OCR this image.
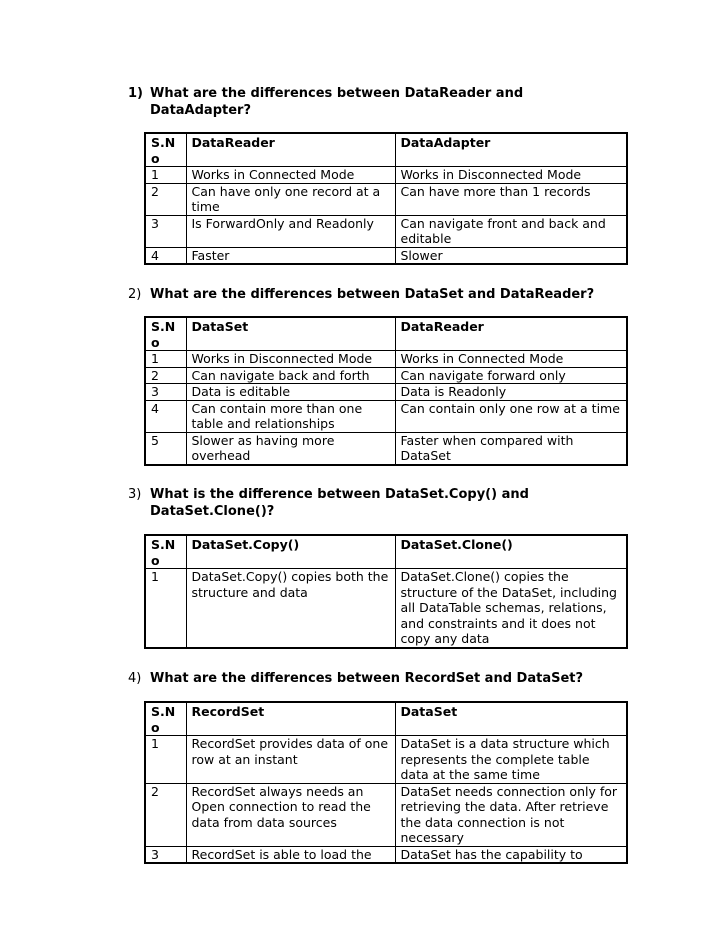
1) What are the differences between DataReader and DataAdapter?
S.No	DataReader	DataAdapter
1	Works in Connected Mode	Works in Disconnected Mode
2	Can have only one record at a time	Can have more than 1 records
3	Is ForwardOnly and Readonly	Can navigate front and back and editable
4	Faster	Slower
2) What are the differences between DataSet and DataReader?
S.No	DataSet	DataReader
1	Works in Disconnected Mode	Works in Connected Mode
2	Can navigate back and forth	Can navigate forward only
3	Data is editable	Data is Readonly
4	Can contain more than one table and relationships	Can contain only one row at a time
5	Slower as having more overhead	Faster when compared with DataSet
3) What is the difference between DataSet.Copy() and DataSet.Clone()?
S.No	DataSet.Copy()	DataSet.Clone()
1	DataSet.Copy() copies both the structure and data	DataSet.Clone() copies the structure of the DataSet, including all DataTable schemas, relations, and constraints and it does not copy any data
4) What are the differences between RecordSet and DataSet?
S.No	RecordSet	DataSet
1	RecordSet provides data of one row at an instant	DataSet is a data structure which represents the complete table data at the same time
2	RecordSet always needs an Open connection to read the data from data sources	DataSet needs connection only for retrieving the data. After retrieve the data connection is not necessary
3	RecordSet is able to load the	DataSet has the capability to
